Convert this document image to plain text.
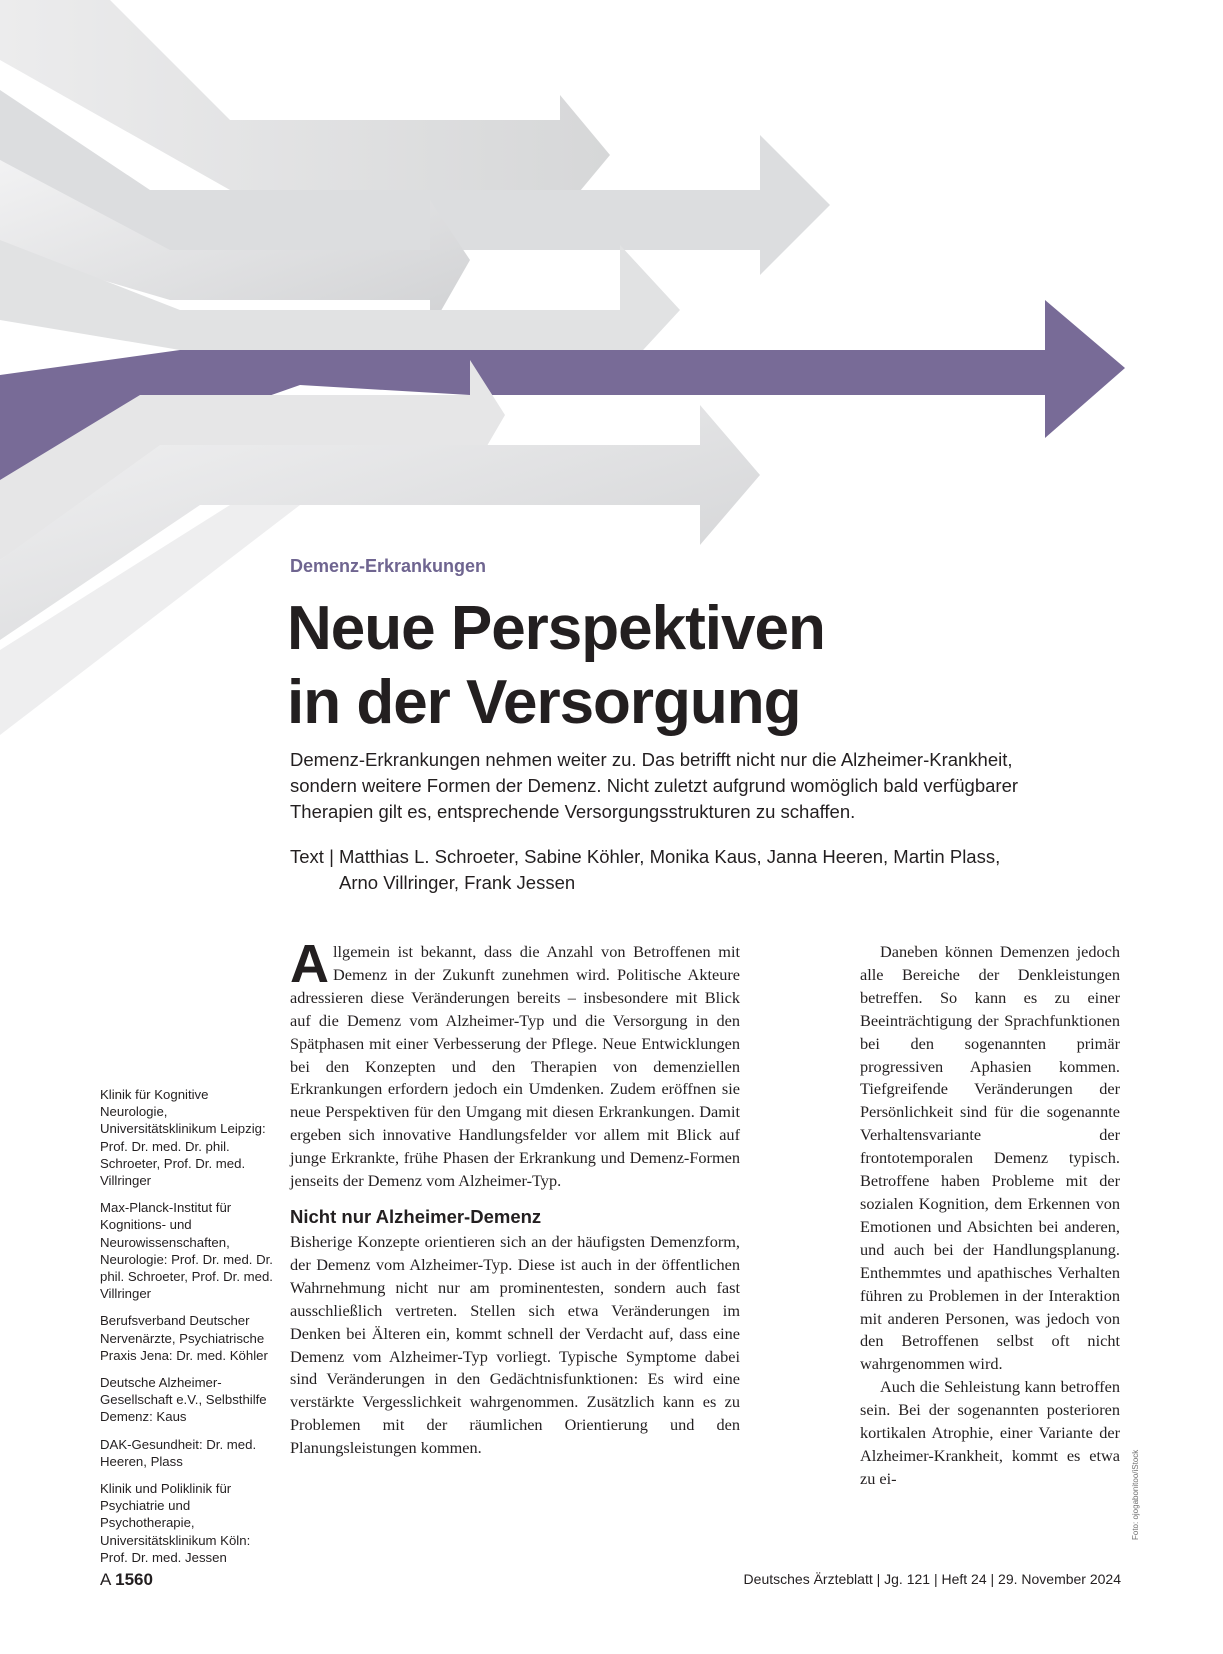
Demenz-Erkrankungen
Neue Perspektiven
in der Versorgung

Demenz-Erkrankungen nehmen weiter zu. Das betrifft nicht nur die Alzheimer-Krankheit, sondern weitere Formen der Demenz. Nicht zuletzt aufgrund womöglich bald verfügbarer Therapien gilt es, entsprechende Versorgungsstrukturen zu schaffen.

Text | Matthias L. Schroeter, Sabine Köhler, Monika Kaus, Janna Heeren, Martin Plass, Arno Villringer, Frank Jessen

Klinik für Kognitive Neurologie, Universitätsklinikum Leipzig: Prof. Dr. med. Dr. phil. Schroeter, Prof. Dr. med. Villringer

Max-Planck-Institut für Kognitions- und Neurowissenschaften, Neurologie: Prof. Dr. med. Dr. phil. Schroeter, Prof. Dr. med. Villringer

Berufsverband Deutscher Nervenärzte, Psychiatrische Praxis Jena: Dr. med. Köhler

Deutsche Alzheimer-Gesellschaft e.V., Selbsthilfe Demenz: Kaus

DAK-Gesundheit: Dr. med. Heeren, Plass

Klinik und Poliklinik für Psychiatrie und Psychotherapie, Universitätsklinikum Köln: Prof. Dr. med. Jessen

Allgemein ist bekannt, dass die Anzahl von Betroffenen mit Demenz in der Zukunft zunehmen wird. Politische Akteure adressieren diese Veränderungen bereits – insbesondere mit Blick auf die Demenz vom Alzheimer-Typ und die Versorgung in den Spätphasen mit einer Verbesserung der Pflege. Neue Entwicklungen bei den Konzepten und den Therapien von demenziellen Erkrankungen erfordern jedoch ein Umdenken. Zudem eröffnen sie neue Perspektiven für den Umgang mit diesen Erkrankungen. Damit ergeben sich innovative Handlungsfelder vor allem mit Blick auf junge Erkrankte, frühe Phasen der Erkrankung und Demenz-Formen jenseits der Demenz vom Alzheimer-Typ.

Nicht nur Alzheimer-Demenz

Bisherige Konzepte orientieren sich an der häufigsten Demenzform, der Demenz vom Alzheimer-Typ. Diese ist auch in der öffentlichen Wahrnehmung nicht nur am prominentesten, sondern auch fast ausschließlich vertreten. Stellen sich etwa Veränderungen im Denken bei Älteren ein, kommt schnell der Verdacht auf, dass eine Demenz vom Alzheimer-Typ vorliegt. Typische Symptome dabei sind Veränderungen in den Gedächtnisfunktionen: Es wird eine verstärkte Vergesslichkeit wahrgenommen. Zusätzlich kann es zu Problemen mit der räumlichen Orientierung und den Planungsleistungen kommen.

Daneben können Demenzen jedoch alle Bereiche der Denkleistungen betreffen. So kann es zu einer Beeinträchtigung der Sprachfunktionen bei den sogenannten primär progressiven Aphasien kommen. Tiefgreifende Veränderungen der Persönlichkeit sind für die sogenannte Verhaltensvariante der frontotemporalen Demenz typisch. Betroffene haben Probleme mit der sozialen Kognition, dem Erkennen von Emotionen und Absichten bei anderen, und auch bei der Handlungsplanung. Enthemmtes und apathisches Verhalten führen zu Problemen in der Interaktion mit anderen Personen, was jedoch von den Betroffenen selbst oft nicht wahrgenommen wird.

Auch die Sehleistung kann betroffen sein. Bei der sogenannten posterioren kortikalen Atrophie, einer Variante der Alzheimer-Krankheit, kommt es etwa zu ei-	Foto: ojogabonitoo/iStock
A 1560	Deutsches Ärzteblatt | Jg. 121 | Heft 24 | 29. November 2024
